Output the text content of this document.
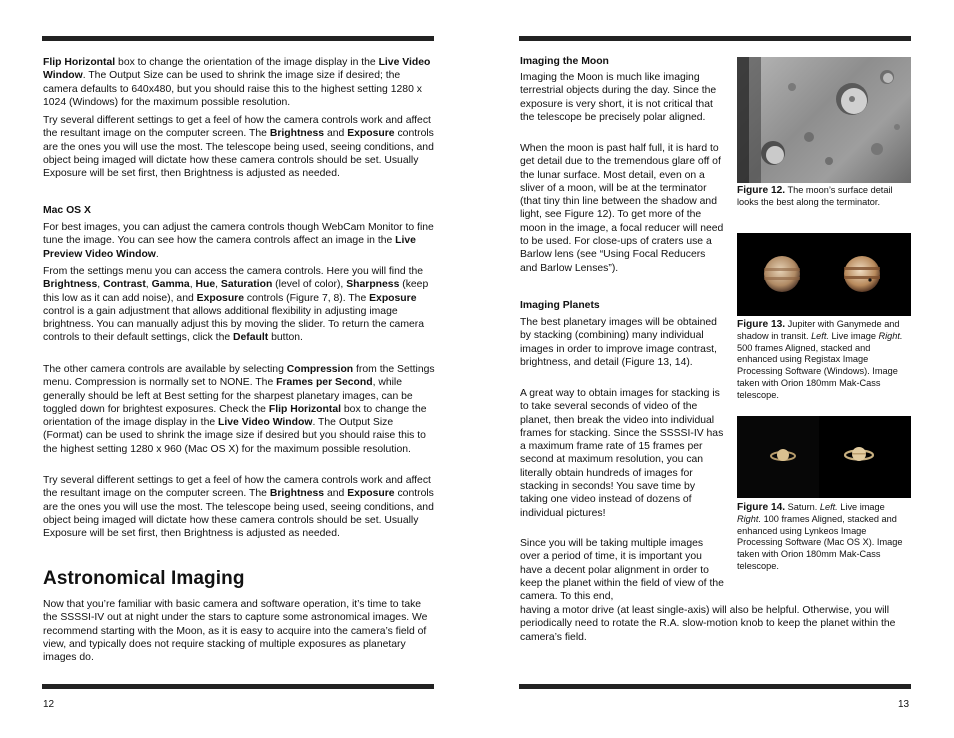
Flip Horizontal box to change the orientation of the image display in the Live Video Window. The Output Size can be used to shrink the image size if desired; the camera defaults to 640x480, but you should raise this to the highest setting 1280 x 1024 (Windows) for the maximum possible resolution.

Try several different settings to get a feel of how the camera controls work and affect the resultant image on the computer screen. The Brightness and Exposure controls are the ones you will use the most. The telescope being used, seeing conditions, and object being imaged will dictate how these camera controls should be set. Usually Exposure will be set first, then Brightness is adjusted as needed.

Mac OS X

For best images, you can adjust the camera controls though WebCam Monitor to fine tune the image. You can see how the camera controls affect an image in the Live Preview Video Window.

From the settings menu you can access the camera controls. Here you will find the Brightness, Contrast, Gamma, Hue, Saturation (level of color), Sharpness (keep this low as it can add noise), and Exposure controls (Figure 7, 8). The Exposure control is a gain adjustment that allows additional flexibility in adjusting image brightness. You can manually adjust this by moving the slider. To return the camera controls to their default settings, click the Default button.

The other camera controls are available by selecting Compression from the Settings menu. Compression is normally set to NONE. The Frames per Second, while generally should be left at Best setting for the sharpest planetary images, can be toggled down for brightest exposures. Check the Flip Horizontal box to change the orientation of the image display in the Live Video Window. The Output Size (Format) can be used to shrink the image size if desired but you should raise this to the highest setting 1280 x 960 (Mac OS X) for the maximum possible resolution.

Try several different settings to get a feel of how the camera controls work and affect the resultant image on the computer screen. The Brightness and Exposure controls are the ones you will use the most. The telescope being used, seeing conditions, and object being imaged will dictate how these camera controls should be set. Usually Exposure will be set first, then Brightness is adjusted as needed.

Astronomical Imaging

Now that you’re familiar with basic camera and software operation, it’s time to take the SSSSI-IV out at night under the stars to capture some astronomical images. We recommend starting with the Moon, as it is easy to acquire into the camera’s field of view, and typically does not require stacking of multiple exposures as planetary images do.

12

Imaging the Moon

Imaging the Moon is much like imaging terrestrial objects during the day. Since the exposure is very short, it is not critical that the telescope be precisely polar aligned.

When the moon is past half full, it is hard to get detail due to the tremendous glare off of the lunar surface. Most detail, even on a sliver of a moon, will be at the terminator (that tiny thin line between the shadow and light, see Figure 12). To get more of the moon in the image, a focal reducer will need to be used. For close-ups of craters use a Barlow lens (see “Using Focal Reducers and Barlow Lenses”).

Imaging Planets

The best planetary images will be obtained by stacking (combining) many individual images in order to improve image contrast, brightness, and detail (Figure 13, 14).

A great way to obtain images for stacking is to take several seconds of video of the planet, then break the video into individual frames for stacking. Since the SSSSI-IV has a maximum frame rate of 15 frames per second at maximum resolution, you can literally obtain hundreds of images for stacking in seconds! You save time by taking one video instead of dozens of individual pictures!

Since you will be taking multiple images over a period of time, it is important you have a decent polar alignment in order to keep the planet within the field of view of the camera. To this end,

having a motor drive (at least single-axis) will also be helpful. Otherwise, you will periodically need to rotate the R.A. slow-motion knob to keep the planet within the camera’s field.

Figure 12. The moon’s surface detail looks the best along the terminator.

Figure 13. Jupiter with Ganymede and shadow in transit. Left. Live image Right. 500 frames Aligned, stacked and enhanced using Registax Image Processing Software (Windows). Image taken with Orion 180mm Mak-Cass telescope.

Figure 14. Saturn. Left. Live image Right. 100 frames Aligned, stacked and enhanced using Lynkeos Image Processing Software (Mac OS X). Image taken with Orion 180mm Mak-Cass telescope.

13
